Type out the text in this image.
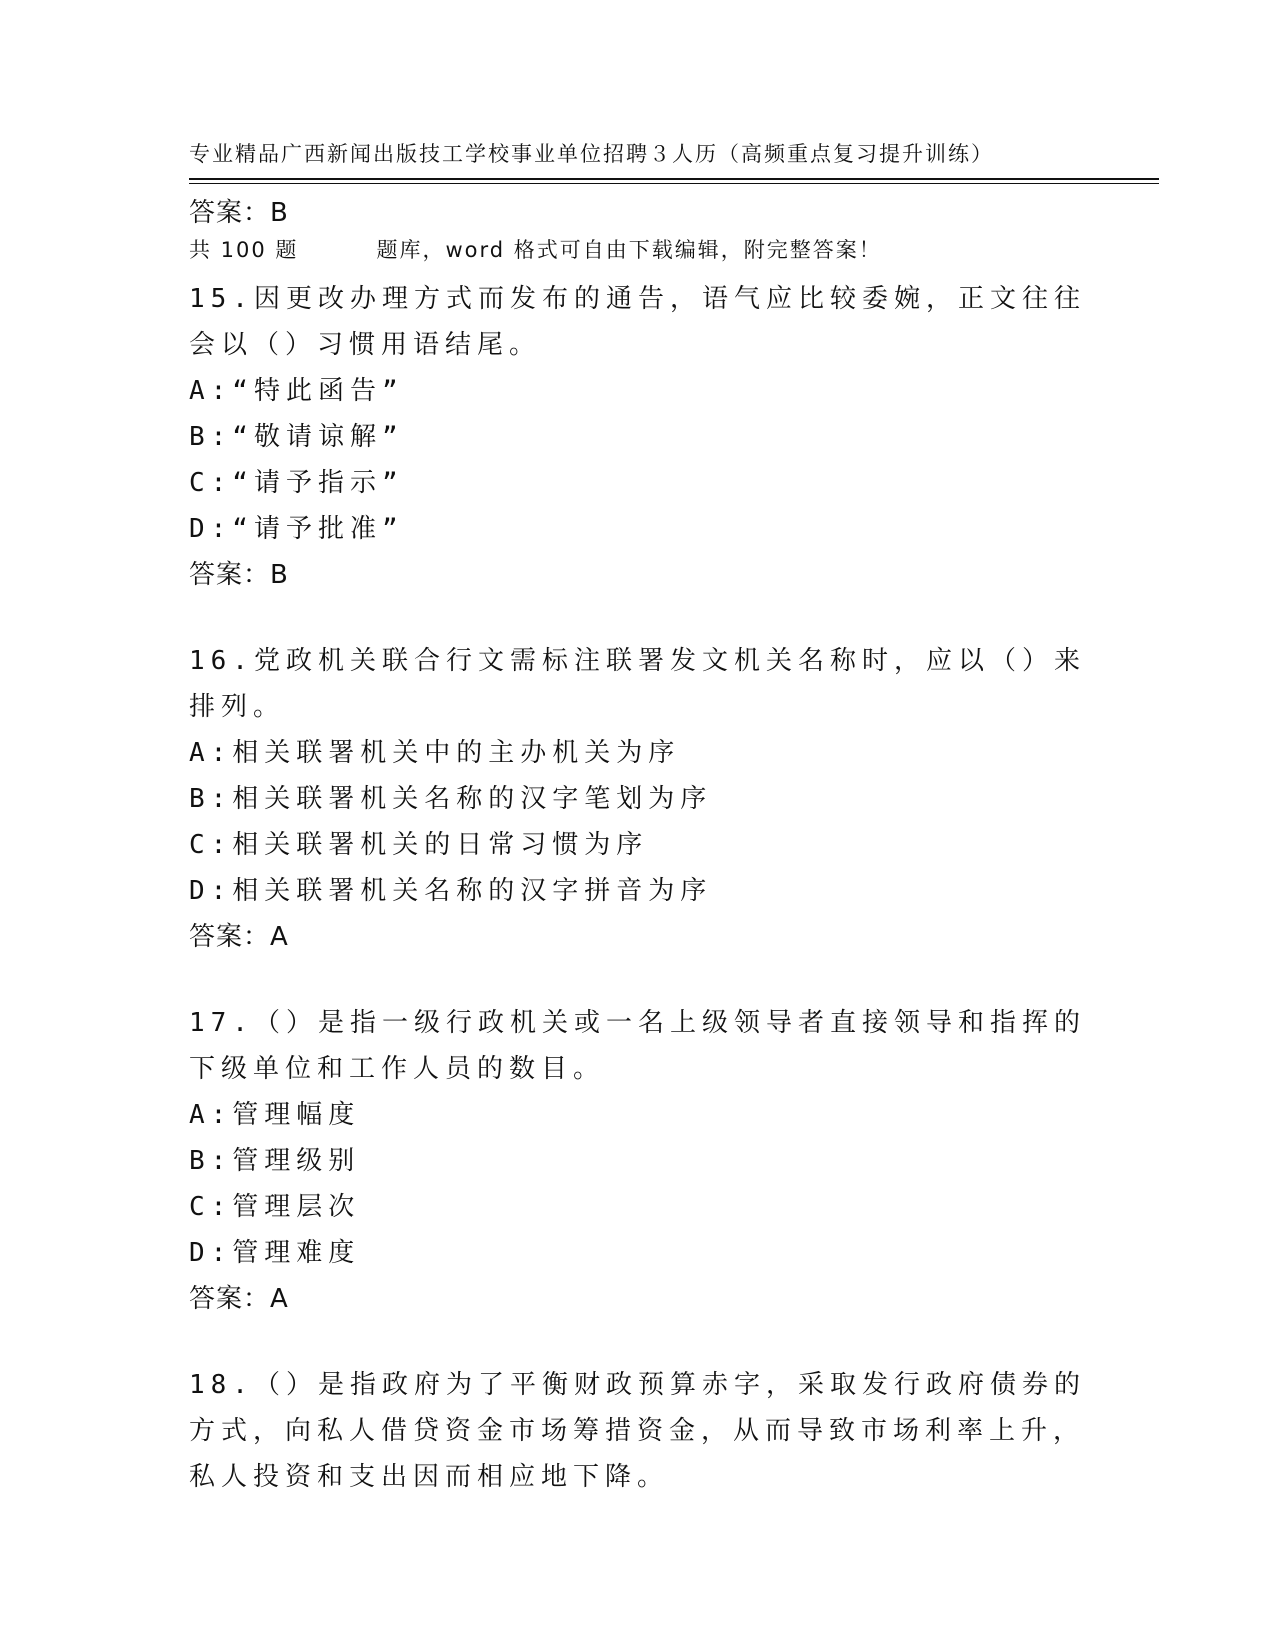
专业精品广西新闻出版技工学校事业单位招聘３人历（高频重点复习提升训练）

共 100 题         题库，word 格式可自由下载编辑，附完整答案！

答案：B
15.因更改办理方式而发布的通告，语气应比较委婉，正文往往会以（）习惯用语结尾。
A:“特此函告”
B:“敬请谅解”
C:“请予指示”
D:“请予批准”
答案：B
16.党政机关联合行文需标注联署发文机关名称时，应以（）来排列。
A:相关联署机关中的主办机关为序
B:相关联署机关名称的汉字笔划为序
C:相关联署机关的日常习惯为序
D:相关联署机关名称的汉字拼音为序
答案：A
17.（）是指一级行政机关或一名上级领导者直接领导和指挥的下级单位和工作人员的数目。
A:管理幅度
B:管理级别
C:管理层次
D:管理难度
答案：A
18.（）是指政府为了平衡财政预算赤字，采取发行政府债券的方式，向私人借贷资金市场筹措资金，从而导致市场利率上升，私人投资和支出因而相应地下降。
